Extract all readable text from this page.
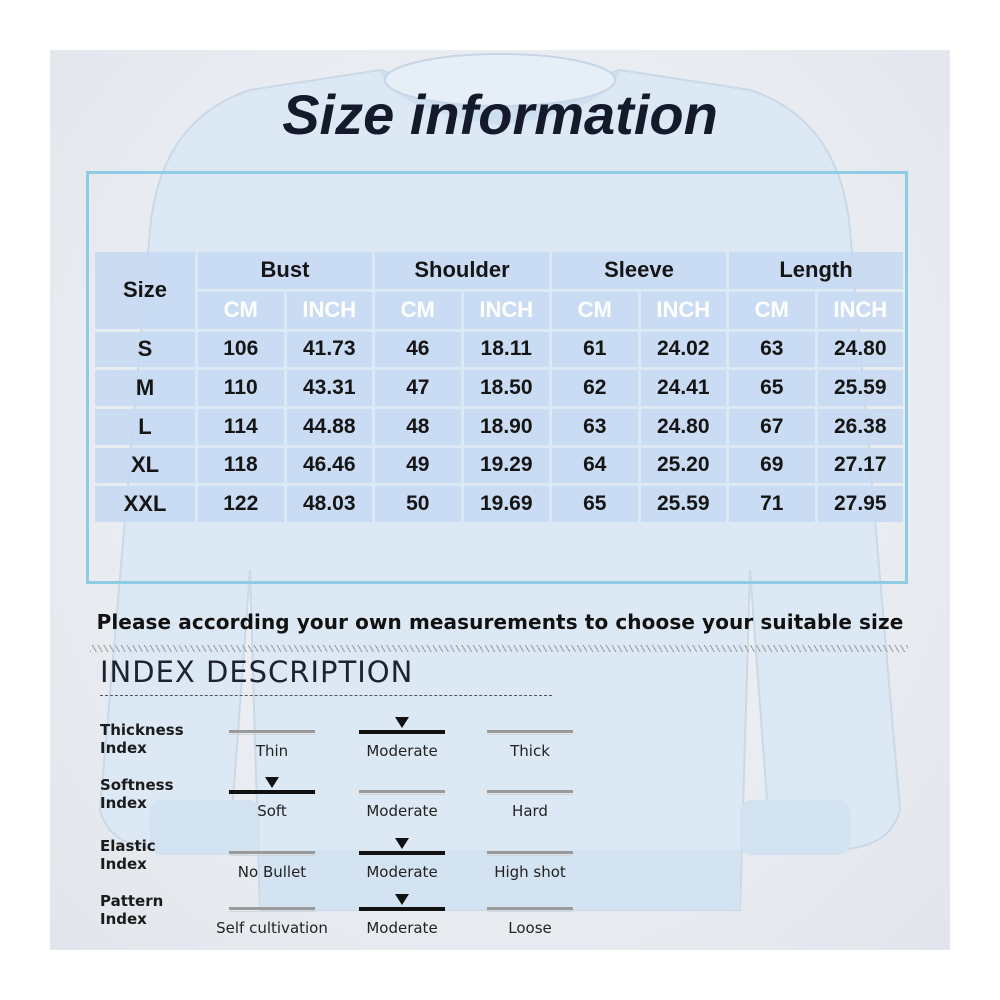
Size information
Size	Bust		Shoulder		Sleeve		Length	
	CM	INCH	CM	INCH	CM	INCH	CM	INCH
S	106	41.73	46	18.11	61	24.02	63	24.80
M	110	43.31	47	18.50	62	24.41	65	25.59
L	114	44.88	48	18.90	63	24.80	67	26.38
XL	118	46.46	49	19.29	64	25.20	69	27.17
XXL	122	48.03	50	19.69	65	25.59	71	27.95
Please according your own measurements to choose your suitable size
INDEX DESCRIPTION
Thickness
Index
Softness
Index
Elastic
Index
Pattern
Index
Thin	Moderate	Thick
Soft	Moderate	Hard
No Bullet	Moderate	High shot
Self cultivation	Moderate	Loose
